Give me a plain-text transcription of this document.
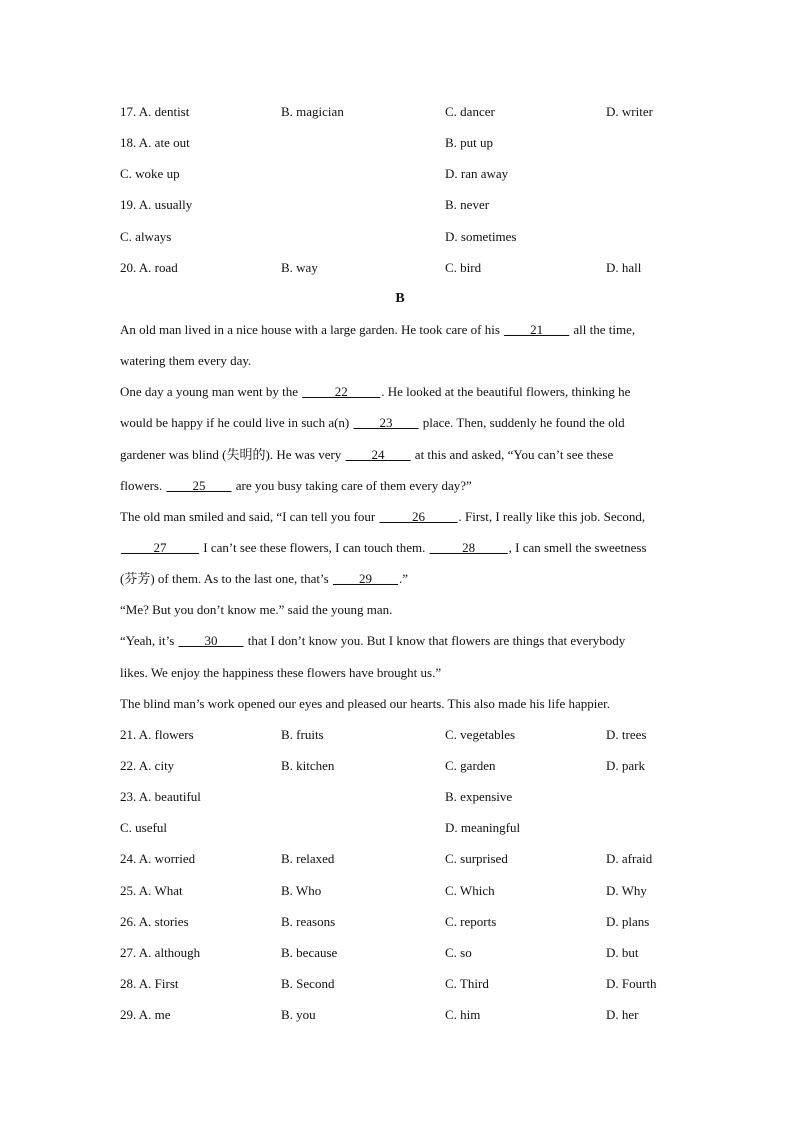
17. A. dentist	B. magician	C. dancer	D. writer
18. A. ate out	B. put up
C. woke up	D. ran away
19. A. usually	B. never
C. always	D. sometimes
20. A. road	B. way	C. bird	D. hall
B
An old man lived in a nice house with a large garden. He took care of his ____21____ all the time,
watering them every day.
One day a young man went by the _____22_____. He looked at the beautiful flowers, thinking he
would be happy if he could live in such a(n) ____23____ place. Then, suddenly he found the old
gardener was blind (失明的). He was very ____24____ at this and asked, “You can’t see these
flowers. ____25____ are you busy taking care of them every day?”
The old man smiled and said, “I can tell you four _____26_____. First, I really like this job. Second,
_____27_____ I can’t see these flowers, I can touch them. _____28_____, I can smell the sweetness
(芬芳) of them. As to the last one, that’s ____29____.”
“Me? But you don’t know me.” said the young man.
“Yeah, it’s ____30____ that I don’t know you. But I know that flowers are things that everybody
likes. We enjoy the happiness these flowers have brought us.”
The blind man’s work opened our eyes and pleased our hearts. This also made his life happier.
21. A. flowers	B. fruits	C. vegetables	D. trees
22. A. city	B. kitchen	C. garden	D. park
23. A. beautiful	B. expensive
C. useful	D. meaningful
24. A. worried	B. relaxed	C. surprised	D. afraid
25. A. What	B. Who	C. Which	D. Why
26. A. stories	B. reasons	C. reports	D. plans
27. A. although	B. because	C. so	D. but
28. A. First	B. Second	C. Third	D. Fourth
29. A. me	B. you	C. him	D. her
